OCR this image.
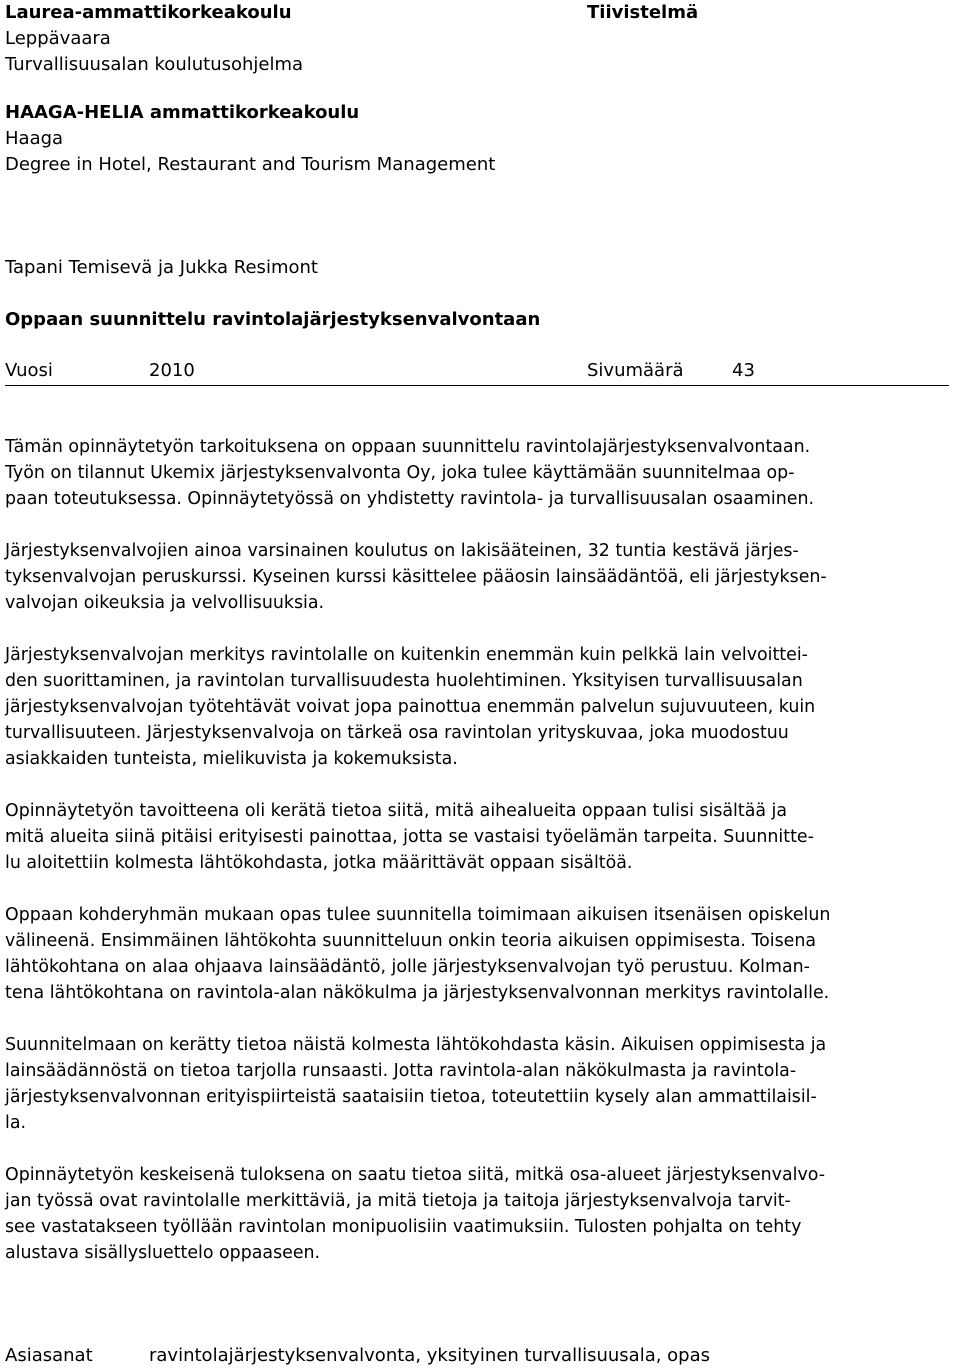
Laurea-ammattikorkeakoulu
Leppävaara
Turvallisuusalan koulutusohjelma
Tiivistelmä
HAAGA-HELIA ammattikorkeakoulu
Haaga
Degree in Hotel, Restaurant and Tourism Management
Tapani Temisevä ja Jukka Resimont
Oppaan suunnittelu ravintolajärjestyksenvalvontaan
Vuosi	2010	Sivumäärä	43

Tämän opinnäytetyön tarkoituksena on oppaan suunnittelu ravintolajärjestyksenvalvontaan.

Työn on tilannut Ukemix järjestyksenvalvonta Oy, joka tulee käyttämään suunnitelmaa op-

paan toteutuksessa. Opinnäytetyössä on yhdistetty ravintola- ja turvallisuusalan osaaminen.

Järjestyksenvalvojien ainoa varsinainen koulutus on lakisääteinen, 32 tuntia kestävä järjes-

tyksenvalvojan peruskurssi. Kyseinen kurssi käsittelee pääosin lainsäädäntöä, eli järjestyksen-

valvojan oikeuksia ja velvollisuuksia.

Järjestyksenvalvojan merkitys ravintolalle on kuitenkin enemmän kuin pelkkä lain velvoittei-

den suorittaminen, ja ravintolan turvallisuudesta huolehtiminen. Yksityisen turvallisuusalan

järjestyksenvalvojan työtehtävät voivat jopa painottua enemmän palvelun sujuvuuteen, kuin

turvallisuuteen. Järjestyksenvalvoja on tärkeä osa ravintolan yrityskuvaa, joka muodostuu

asiakkaiden tunteista, mielikuvista ja kokemuksista.

Opinnäytetyön tavoitteena oli kerätä tietoa siitä, mitä aihealueita oppaan tulisi sisältää ja

mitä alueita siinä pitäisi erityisesti painottaa, jotta se vastaisi työelämän tarpeita. Suunnitte-

lu aloitettiin kolmesta lähtökohdasta, jotka määrittävät oppaan sisältöä.

Oppaan kohderyhmän mukaan opas tulee suunnitella toimimaan aikuisen itsenäisen opiskelun

välineenä. Ensimmäinen lähtökohta suunnitteluun onkin teoria aikuisen oppimisesta. Toisena

lähtökohtana on alaa ohjaava lainsäädäntö, jolle järjestyksenvalvojan työ perustuu. Kolman-

tena lähtökohtana on ravintola-alan näkökulma ja järjestyksenvalvonnan merkitys ravintolalle.

Suunnitelmaan on kerätty tietoa näistä kolmesta lähtökohdasta käsin. Aikuisen oppimisesta ja

lainsäädännöstä on tietoa tarjolla runsaasti. Jotta ravintola-alan näkökulmasta ja ravintola-

järjestyksenvalvonnan erityispiirteistä saataisiin tietoa, toteutettiin kysely alan ammattilaisil-

la.

Opinnäytetyön keskeisenä tuloksena on saatu tietoa siitä, mitkä osa-alueet järjestyksenvalvo-

jan työssä ovat ravintolalle merkittäviä, ja mitä tietoja ja taitoja järjestyksenvalvoja tarvit-

see vastatakseen työllään ravintolan monipuolisiin vaatimuksiin. Tulosten pohjalta on tehty

alustava sisällysluettelo oppaaseen.

Asiasanat	ravintolajärjestyksenvalvonta, yksityinen turvallisuusala, opas
